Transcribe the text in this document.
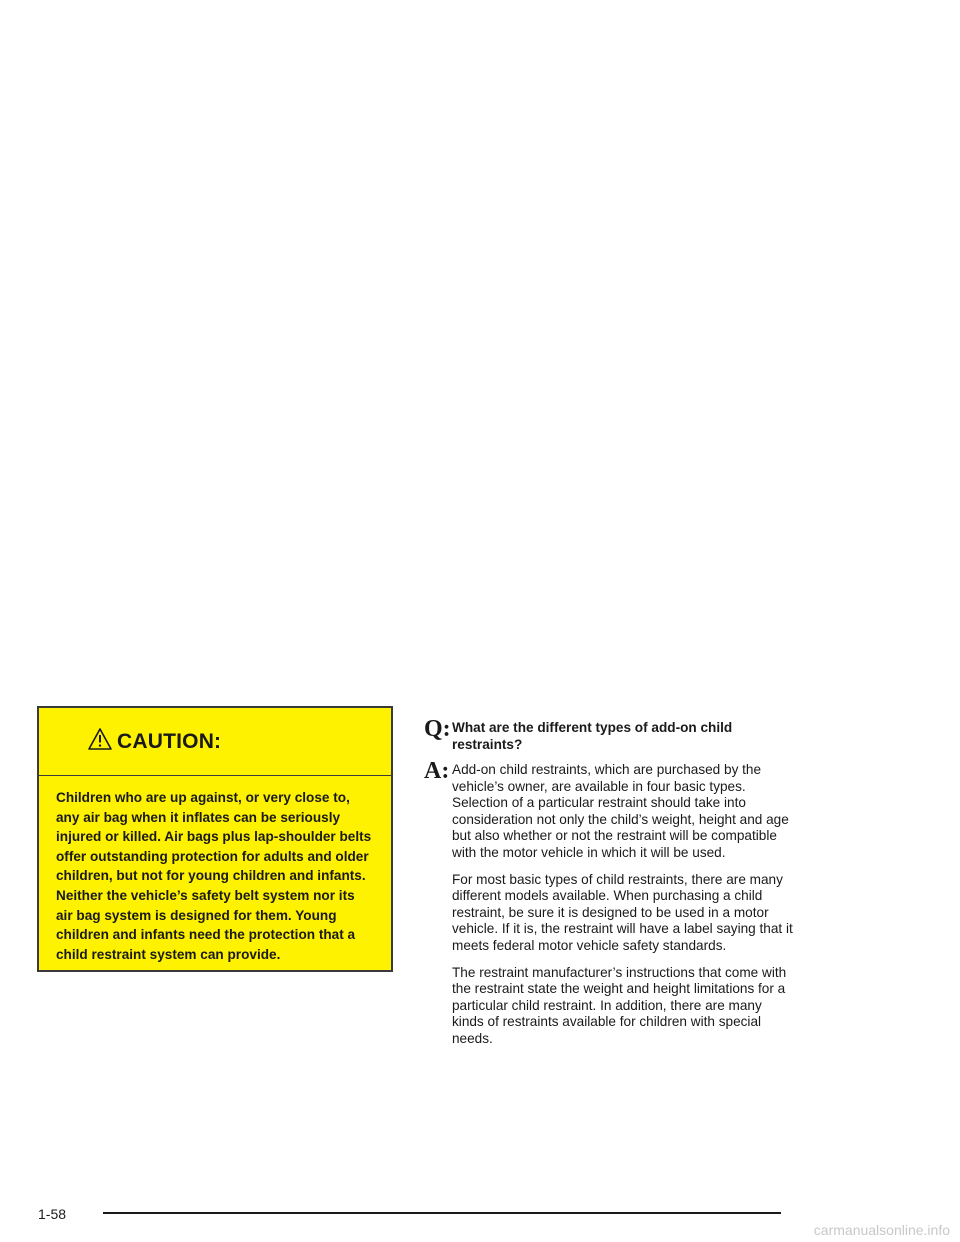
CAUTION:
Children who are up against, or very close to, any air bag when it inflates can be seriously injured or killed. Air bags plus lap-shoulder belts offer outstanding protection for adults and older children, but not for young children and infants. Neither the vehicle’s safety belt system nor its air bag system is designed for them. Young children and infants need the protection that a child restraint system can provide.
Q: What are the different types of add-on child restraints?
A: Add-on child restraints, which are purchased by the vehicle’s owner, are available in four basic types. Selection of a particular restraint should take into consideration not only the child’s weight, height and age but also whether or not the restraint will be compatible with the motor vehicle in which it will be used.

For most basic types of child restraints, there are many different models available. When purchasing a child restraint, be sure it is designed to be used in a motor vehicle. If it is, the restraint will have a label saying that it meets federal motor vehicle safety standards.

The restraint manufacturer’s instructions that come with the restraint state the weight and height limitations for a particular child restraint. In addition, there are many kinds of restraints available for children with special needs.

1-58
carmanualsonline.info
